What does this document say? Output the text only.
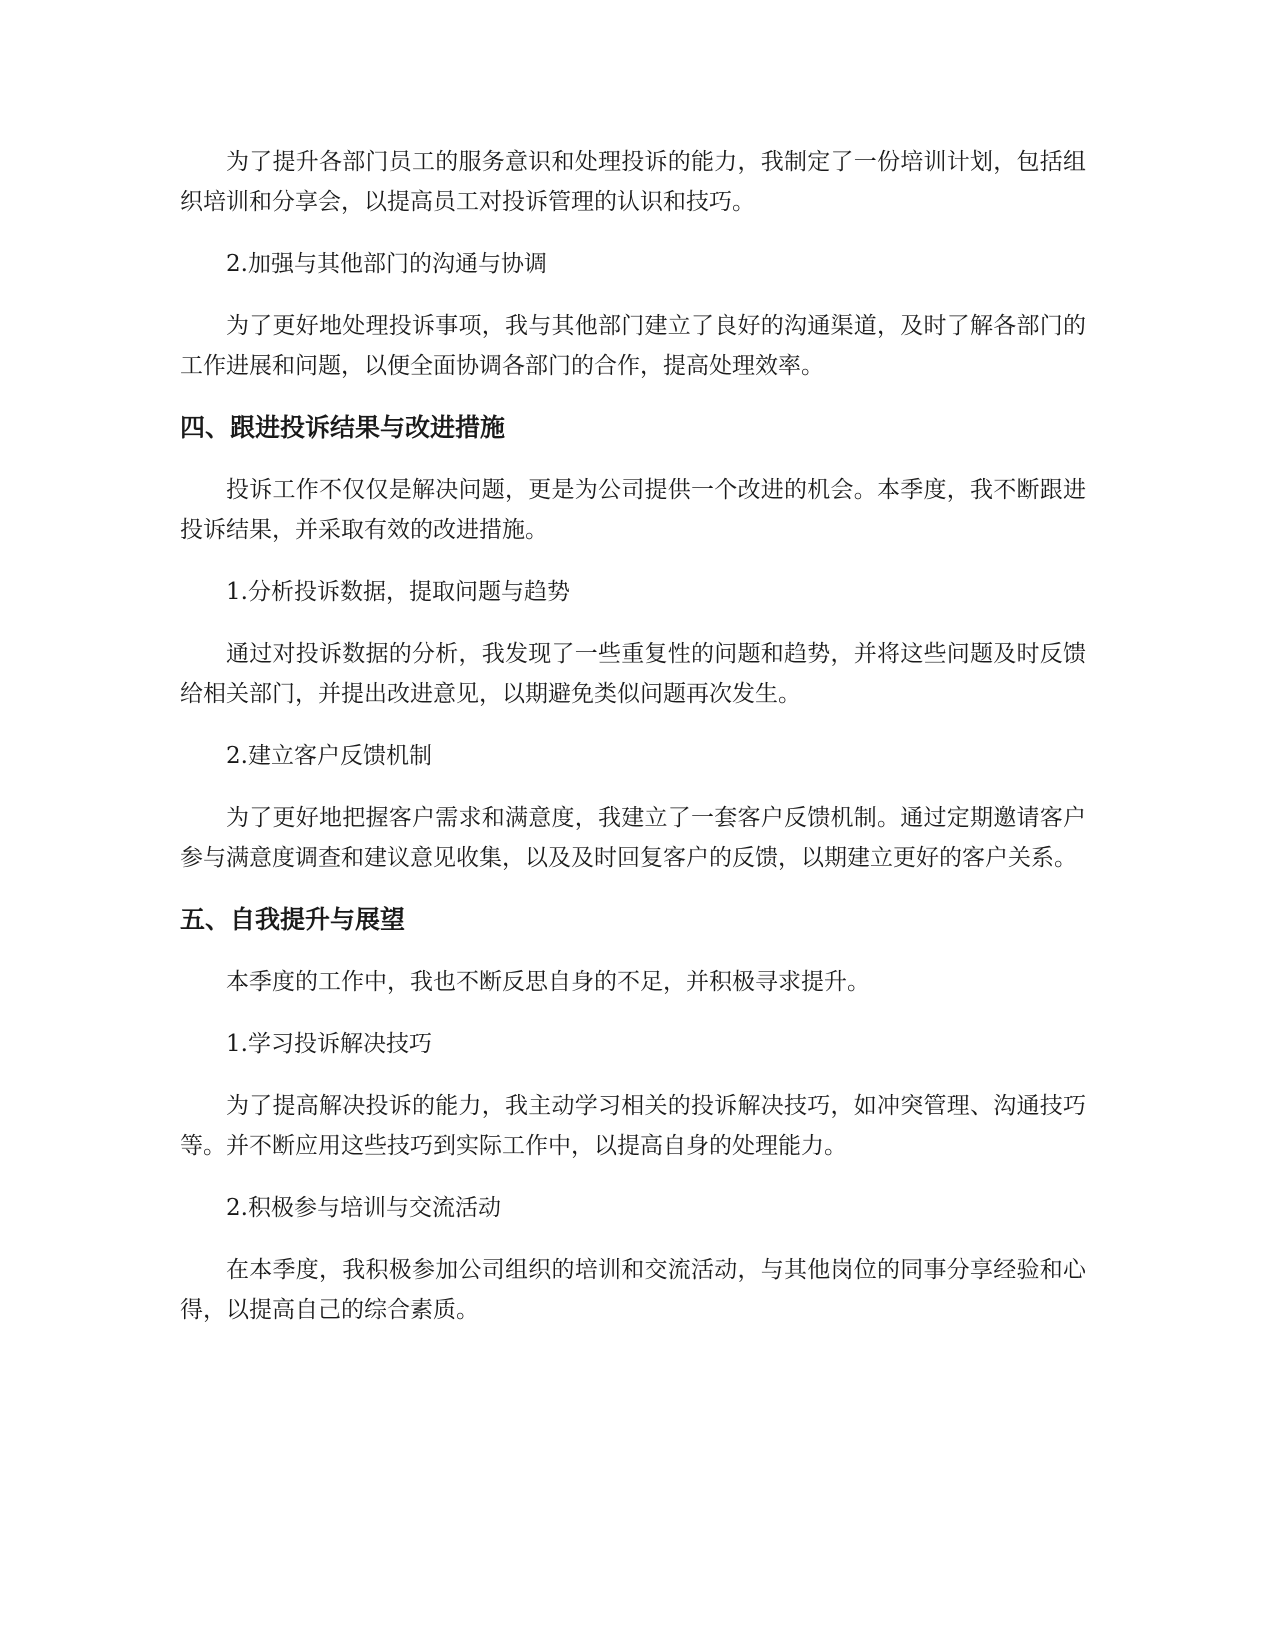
为了提升各部门员工的服务意识和处理投诉的能力，我制定了一份培训计划，包括组织培训和分享会，以提高员工对投诉管理的认识和技巧。

2.加强与其他部门的沟通与协调

为了更好地处理投诉事项，我与其他部门建立了良好的沟通渠道，及时了解各部门的工作进展和问题，以便全面协调各部门的合作，提高处理效率。

四、跟进投诉结果与改进措施

投诉工作不仅仅是解决问题，更是为公司提供一个改进的机会。本季度，我不断跟进投诉结果，并采取有效的改进措施。

1.分析投诉数据，提取问题与趋势

通过对投诉数据的分析，我发现了一些重复性的问题和趋势，并将这些问题及时反馈给相关部门，并提出改进意见，以期避免类似问题再次发生。

2.建立客户反馈机制

为了更好地把握客户需求和满意度，我建立了一套客户反馈机制。通过定期邀请客户参与满意度调查和建议意见收集，以及及时回复客户的反馈，以期建立更好的客户关系。

五、自我提升与展望

本季度的工作中，我也不断反思自身的不足，并积极寻求提升。

1.学习投诉解决技巧

为了提高解决投诉的能力，我主动学习相关的投诉解决技巧，如冲突管理、沟通技巧等。并不断应用这些技巧到实际工作中，以提高自身的处理能力。

2.积极参与培训与交流活动

在本季度，我积极参加公司组织的培训和交流活动，与其他岗位的同事分享经验和心得，以提高自己的综合素质。
